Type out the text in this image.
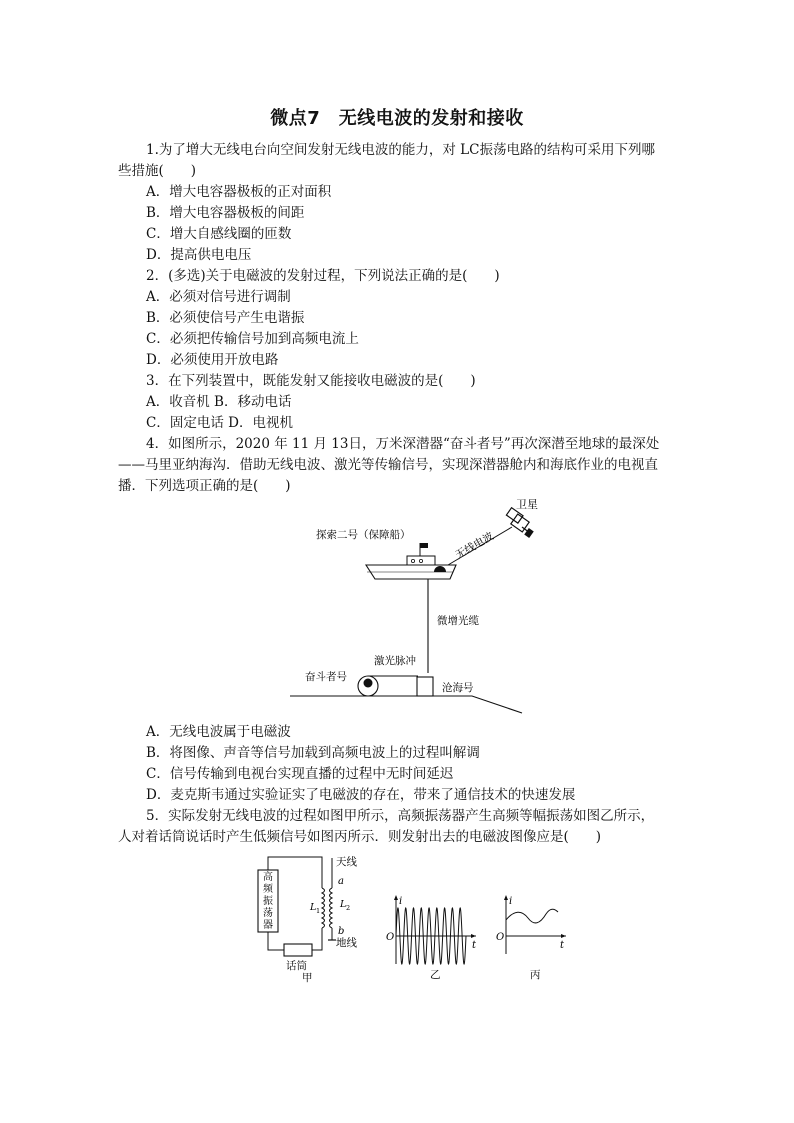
微点7　无线电波的发射和接收
1.为了增大无线电台向空间发射无线电波的能力，对 LC振荡电路的结构可采用下列哪
些措施(　　)
A．增大电容器极板的正对面积
B．增大电容器极板的间距
C．增大自感线圈的匝数
D．提高供电电压
2．(多选)关于电磁波的发射过程，下列说法正确的是(　　)
A．必须对信号进行调制
B．必须使信号产生电谐振
C．必须把传输信号加到高频电流上
D．必须使用开放电路
3．在下列装置中，既能发射又能接收电磁波的是(　　)
A．收音机 B．移动电话
C．固定电话 D．电视机
4．如图所示，2020 年 11 月 13日，万米深潜器“奋斗者号”再次深潜至地球的最深处
——马里亚纳海沟．借助无线电波、激光等传输信号，实现深潜器舱内和海底作业的电视直
播．下列选项正确的是(　　)
卫星
无线电波
探索二号（保障船）
微增光缆
激光脉冲
奋斗者号
沧海号
A．无线电波属于电磁波
B．将图像、声音等信号加载到高频电波上的过程叫解调
C．信号传输到电视台实现直播的过程中无时间延迟
D．麦克斯韦通过实验证实了电磁波的存在，带来了通信技术的快速发展
5．实际发射无线电波的过程如图甲所示，高频振荡器产生高频等幅振荡如图乙所示，
人对着话筒说话时产生低频信号如图丙所示．则发射出去的电磁波图像应是(　　)
高
频
振
荡
器
天线
a
b
地线
L 1
L 2
话筒
甲
i
t
O
乙
i
t
O
丙
